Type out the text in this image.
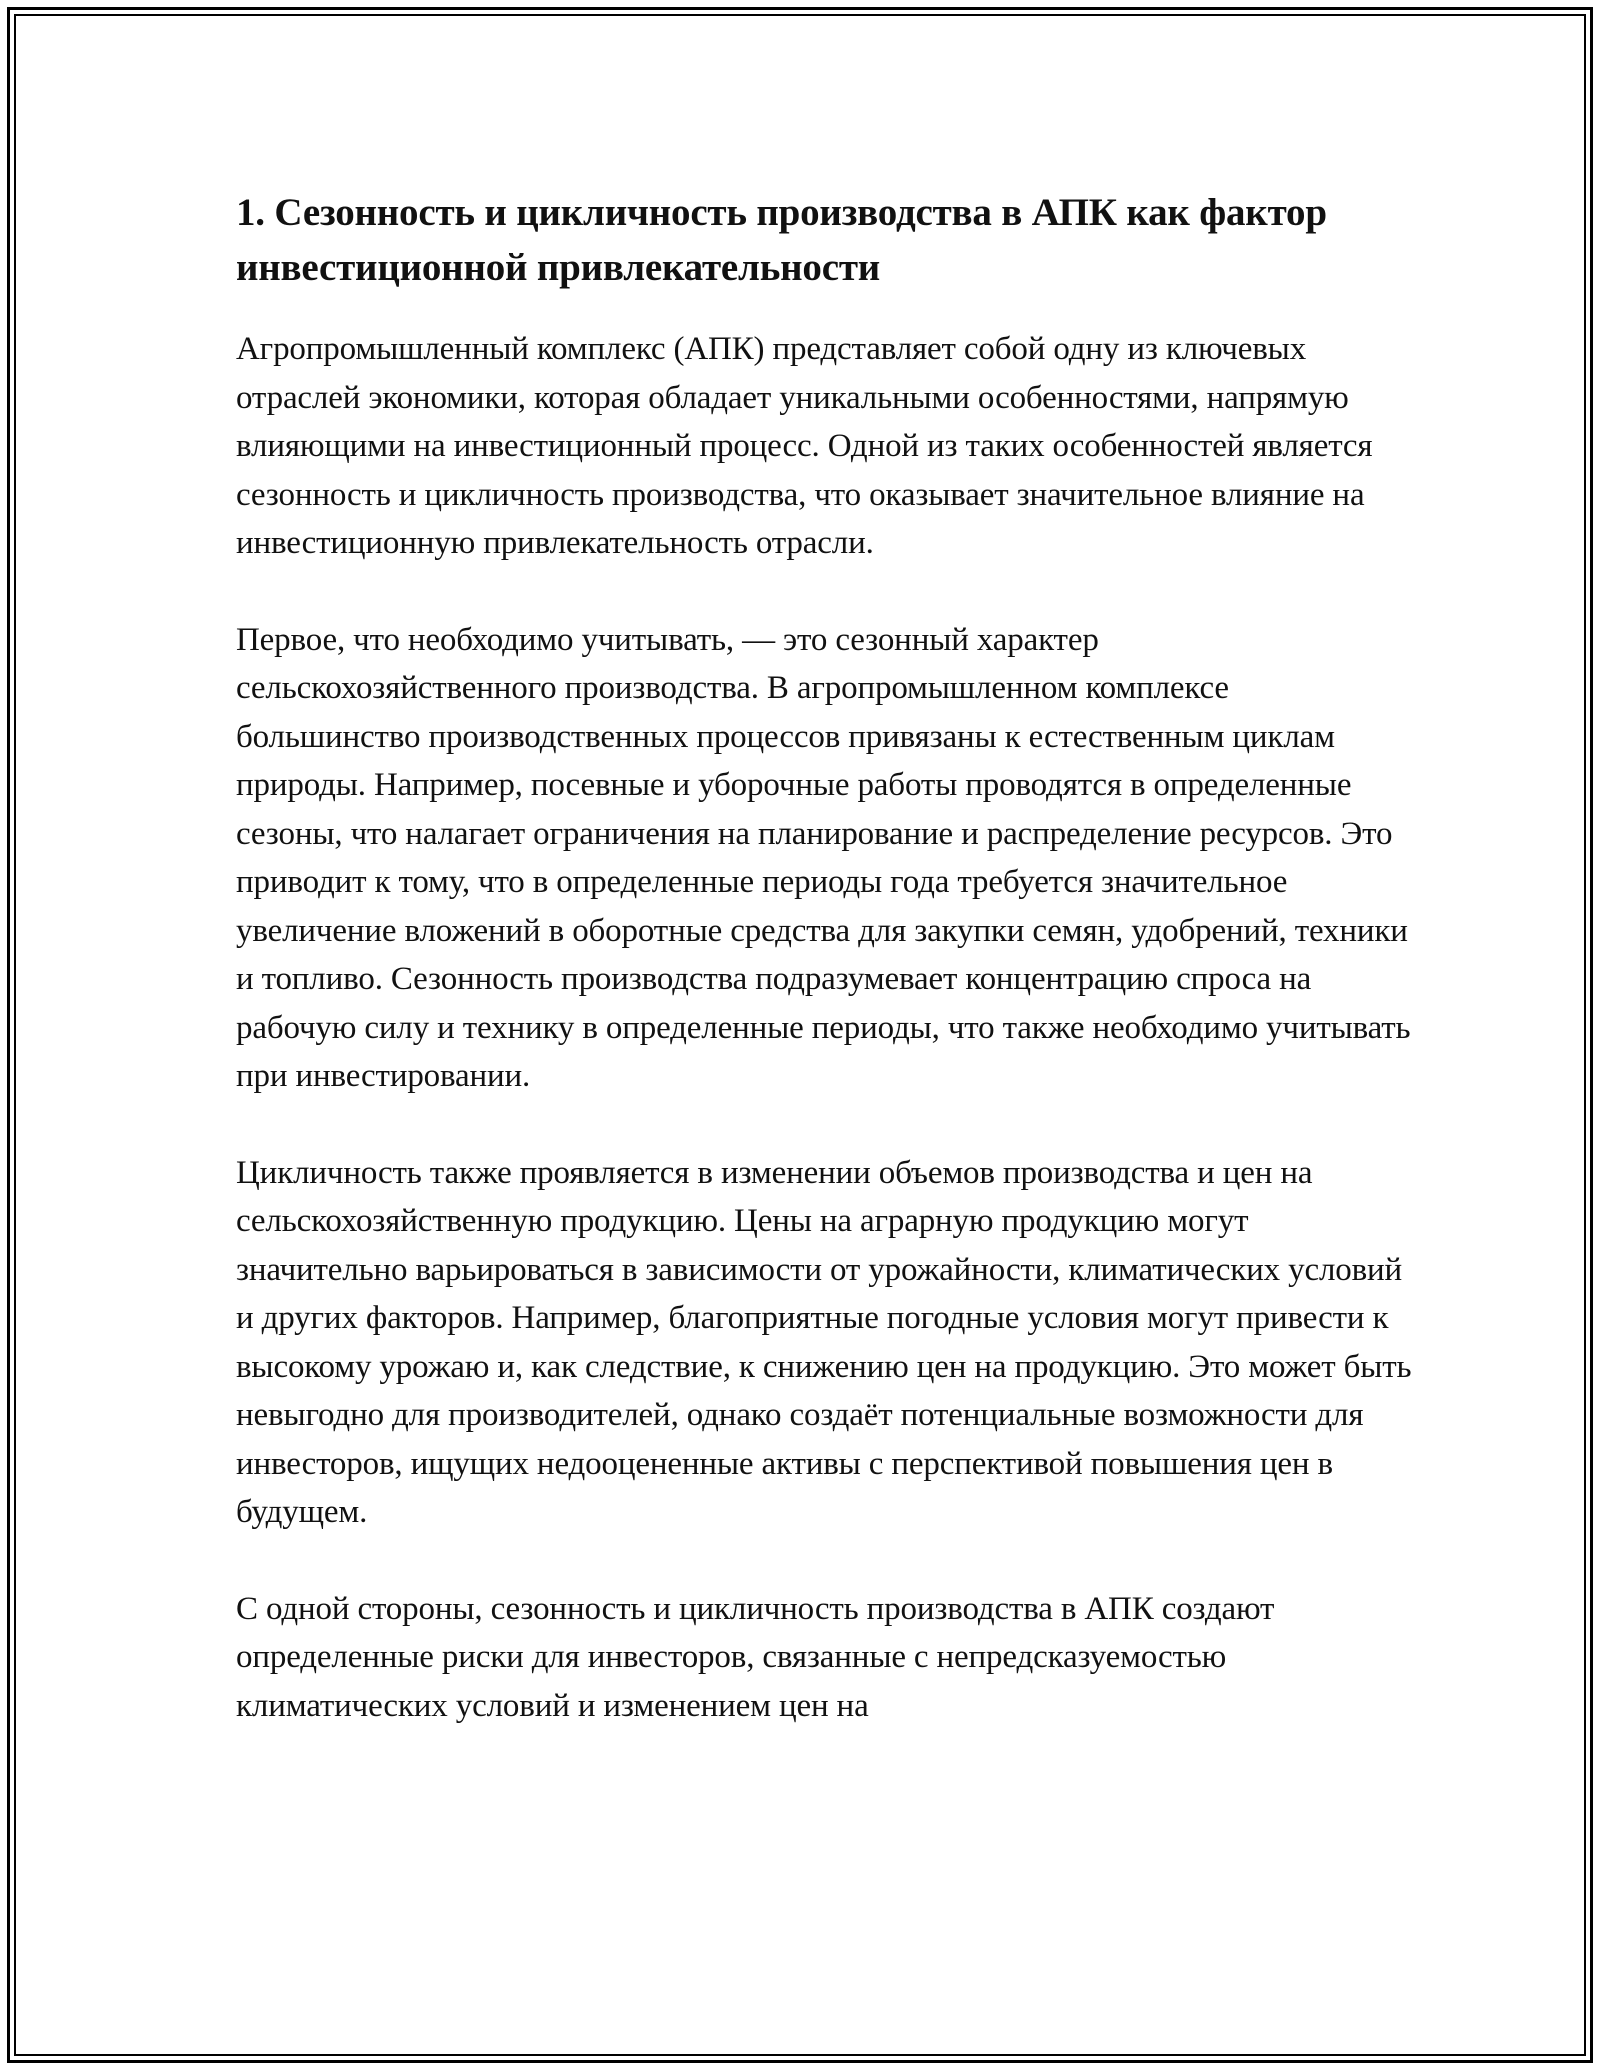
1. Сезонность и цикличность производства в АПК как фактор инвестиционной привлекательности

Агропромышленный комплекс (АПК) представляет собой одну из ключевых отраслей экономики, которая обладает уникальными особенностями, напрямую влияющими на инвестиционный процесс. Одной из таких особенностей является сезонность и цикличность производства, что оказывает значительное влияние на инвестиционную привлекательность отрасли.

Первое, что необходимо учитывать, — это сезонный характер сельскохозяйственного производства. В агропромышленном комплексе большинство производственных процессов привязаны к естественным циклам природы. Например, посевные и уборочные работы проводятся в определенные сезоны, что налагает ограничения на планирование и распределение ресурсов. Это приводит к тому, что в определенные периоды года требуется значительное увеличение вложений в оборотные средства для закупки семян, удобрений, техники и топливо. Сезонность производства подразумевает концентрацию спроса на рабочую силу и технику в определенные периоды, что также необходимо учитывать при инвестировании.

Цикличность также проявляется в изменении объемов производства и цен на сельскохозяйственную продукцию. Цены на аграрную продукцию могут значительно варьироваться в зависимости от урожайности, климатических условий и других факторов. Например, благоприятные погодные условия могут привести к высокому урожаю и, как следствие, к снижению цен на продукцию. Это может быть невыгодно для производителей, однако создаёт потенциальные возможности для инвесторов, ищущих недооцененные активы с перспективой повышения цен в будущем.

С одной стороны, сезонность и цикличность производства в АПК создают определенные риски для инвесторов, связанные с непредсказуемостью климатических условий и изменением цен на
